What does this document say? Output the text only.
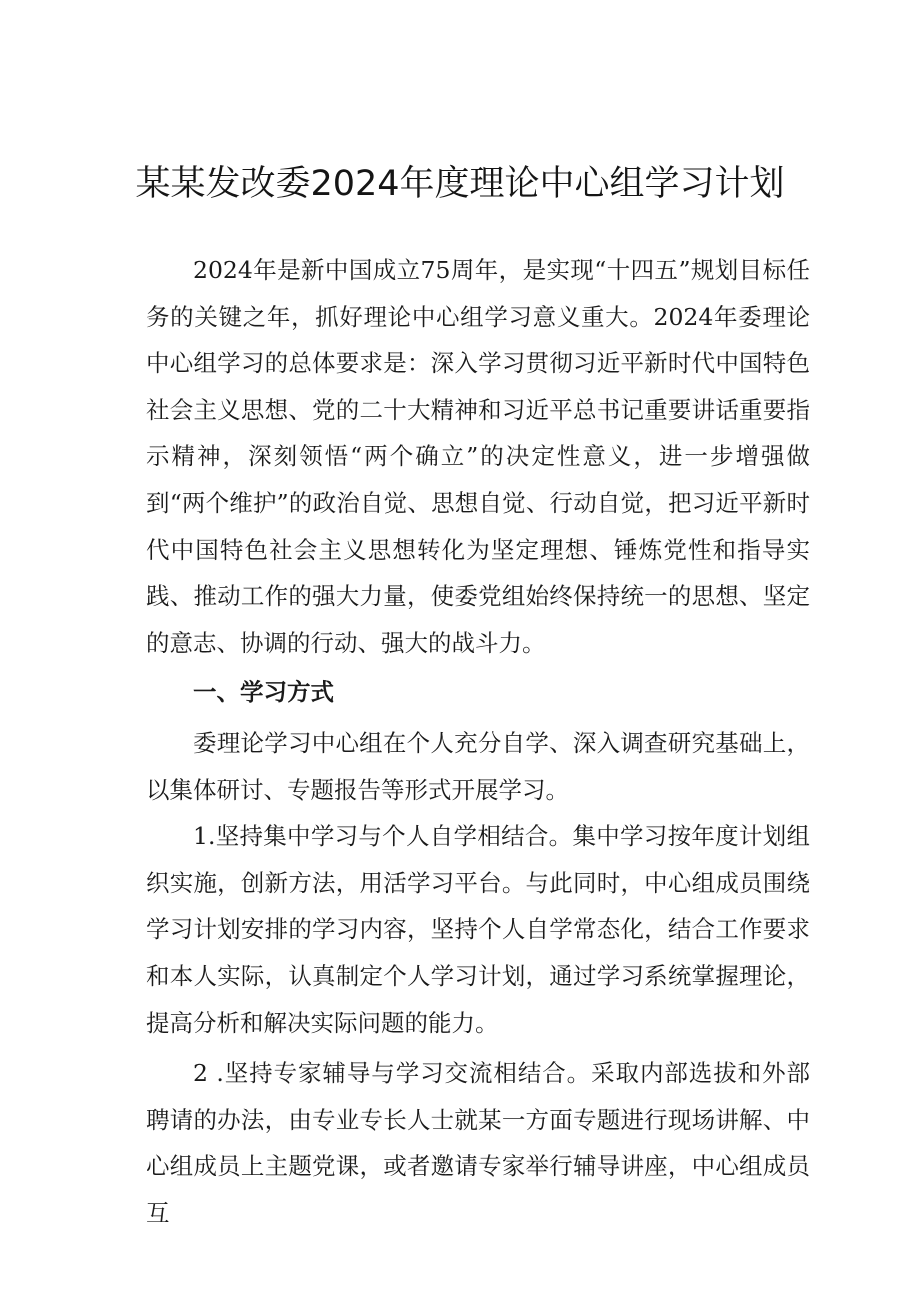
某某发改委2024年度理论中心组学习计划

2024年是新中国成立75周年，是实现“十四五”规划目标任务的关键之年，抓好理论中心组学习意义重大。2024年委理论中心组学习的总体要求是：深入学习贯彻习近平新时代中国特色社会主义思想、党的二十大精神和习近平总书记重要讲话重要指示精神，深刻领悟“两个确立”的决定性意义，进一步增强做到“两个维护”的政治自觉、思想自觉、行动自觉，把习近平新时代中国特色社会主义思想转化为坚定理想、锤炼党性和指导实践、推动工作的强大力量，使委党组始终保持统一的思想、坚定的意志、协调的行动、强大的战斗力。

一、学习方式

委理论学习中心组在个人充分自学、深入调查研究基础上，以集体研讨、专题报告等形式开展学习。

1.坚持集中学习与个人自学相结合。集中学习按年度计划组织实施，创新方法，用活学习平台。与此同时，中心组成员围绕学习计划安排的学习内容，坚持个人自学常态化，结合工作要求和本人实际，认真制定个人学习计划，通过学习系统掌握理论，提高分析和解决实际问题的能力。

2 .坚持专家辅导与学习交流相结合。采取内部选拔和外部聘请的办法，由专业专长人士就某一方面专题进行现场讲解、中心组成员上主题党课，或者邀请专家举行辅导讲座，中心组成员互
